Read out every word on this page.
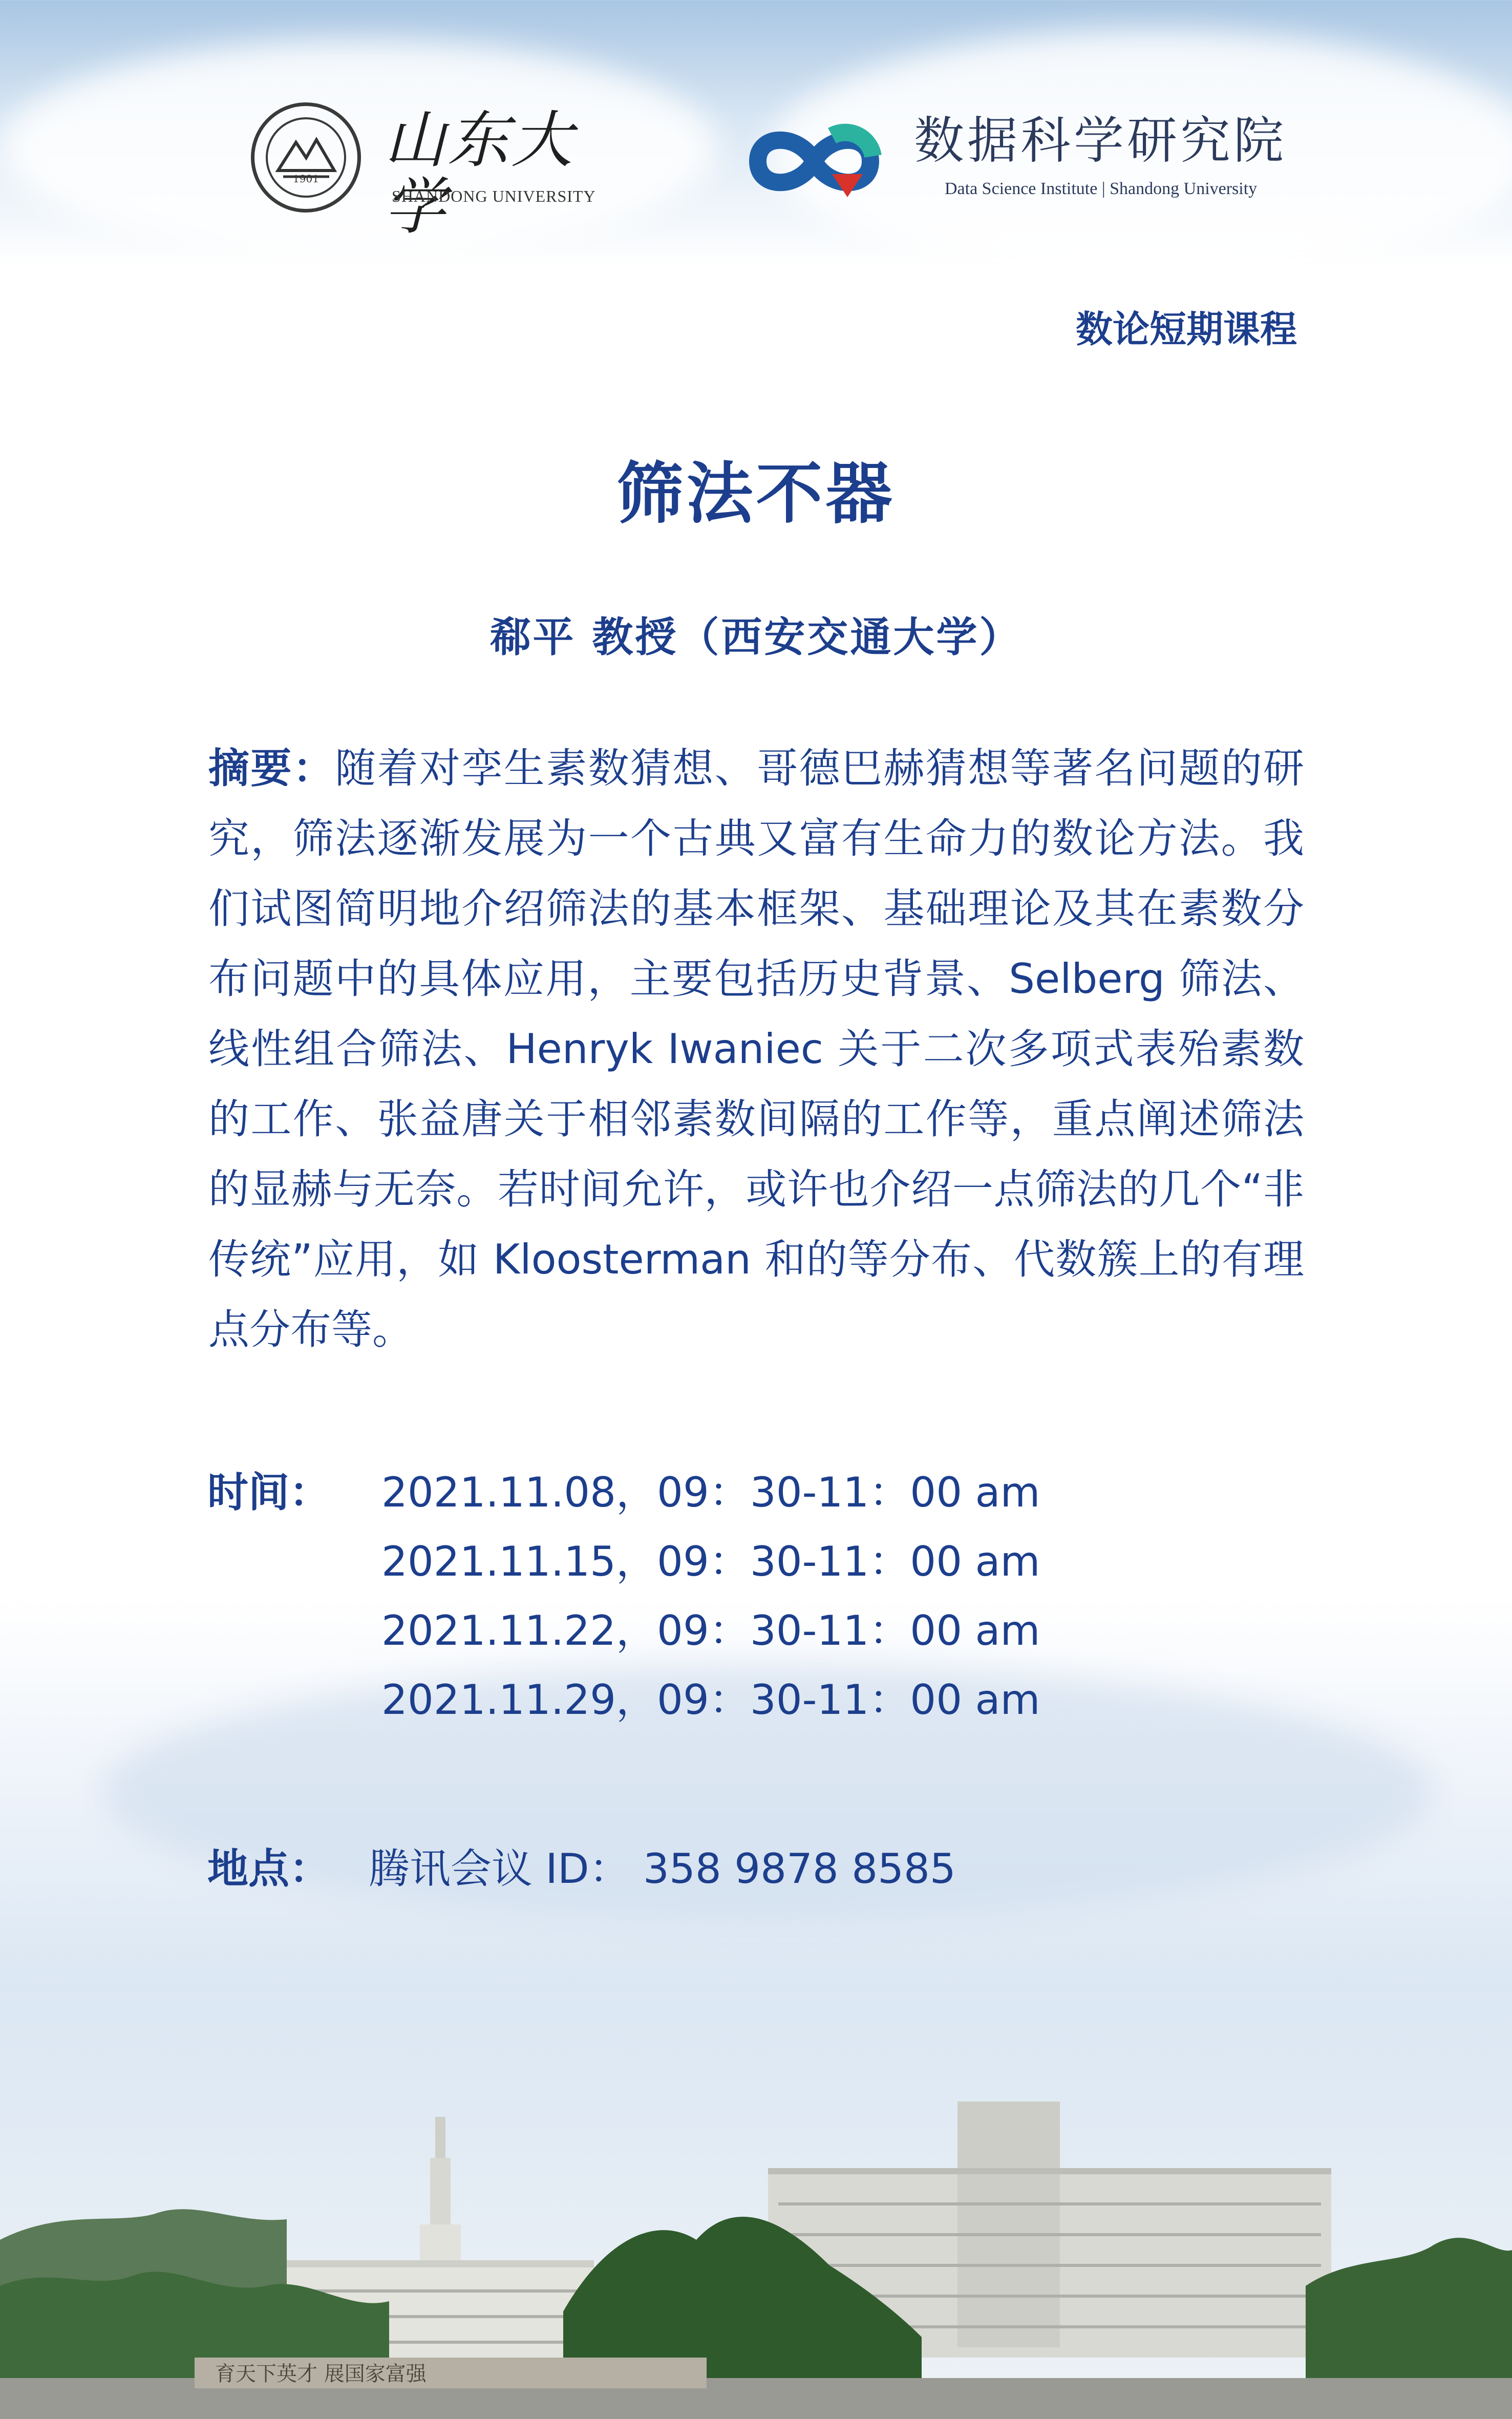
1901
山东大学
SHANDONG UNIVERSITY
数据科学研究院
Data Science Institute | Shandong University
数论短期课程
筛法不器
郗平 教授（西安交通大学）
摘要：随着对孪生素数猜想、哥德巴赫猜想等著名问题的研究，筛法逐渐发展为一个古典又富有生命力的数论方法。我们试图简明地介绍筛法的基本框架、基础理论及其在素数分布问题中的具体应用，主要包括历史背景、Selberg 筛法、线性组合筛法、Henryk Iwaniec 关于二次多项式表殆素数的工作、张益唐关于相邻素数间隔的工作等，重点阐述筛法的显赫与无奈。若时间允许，或许也介绍一点筛法的几个“非传统”应用，如 Kloosterman 和的等分布、代数簇上的有理点分布等。
时间： 2021.11.08，09：30-11：00 am
2021.11.15，09：30-11：00 am
2021.11.22，09：30-11：00 am
2021.11.29，09：30-11：00 am
地点： 腾讯会议 ID： 358 9878 8585
育天下英才 展国家富强
